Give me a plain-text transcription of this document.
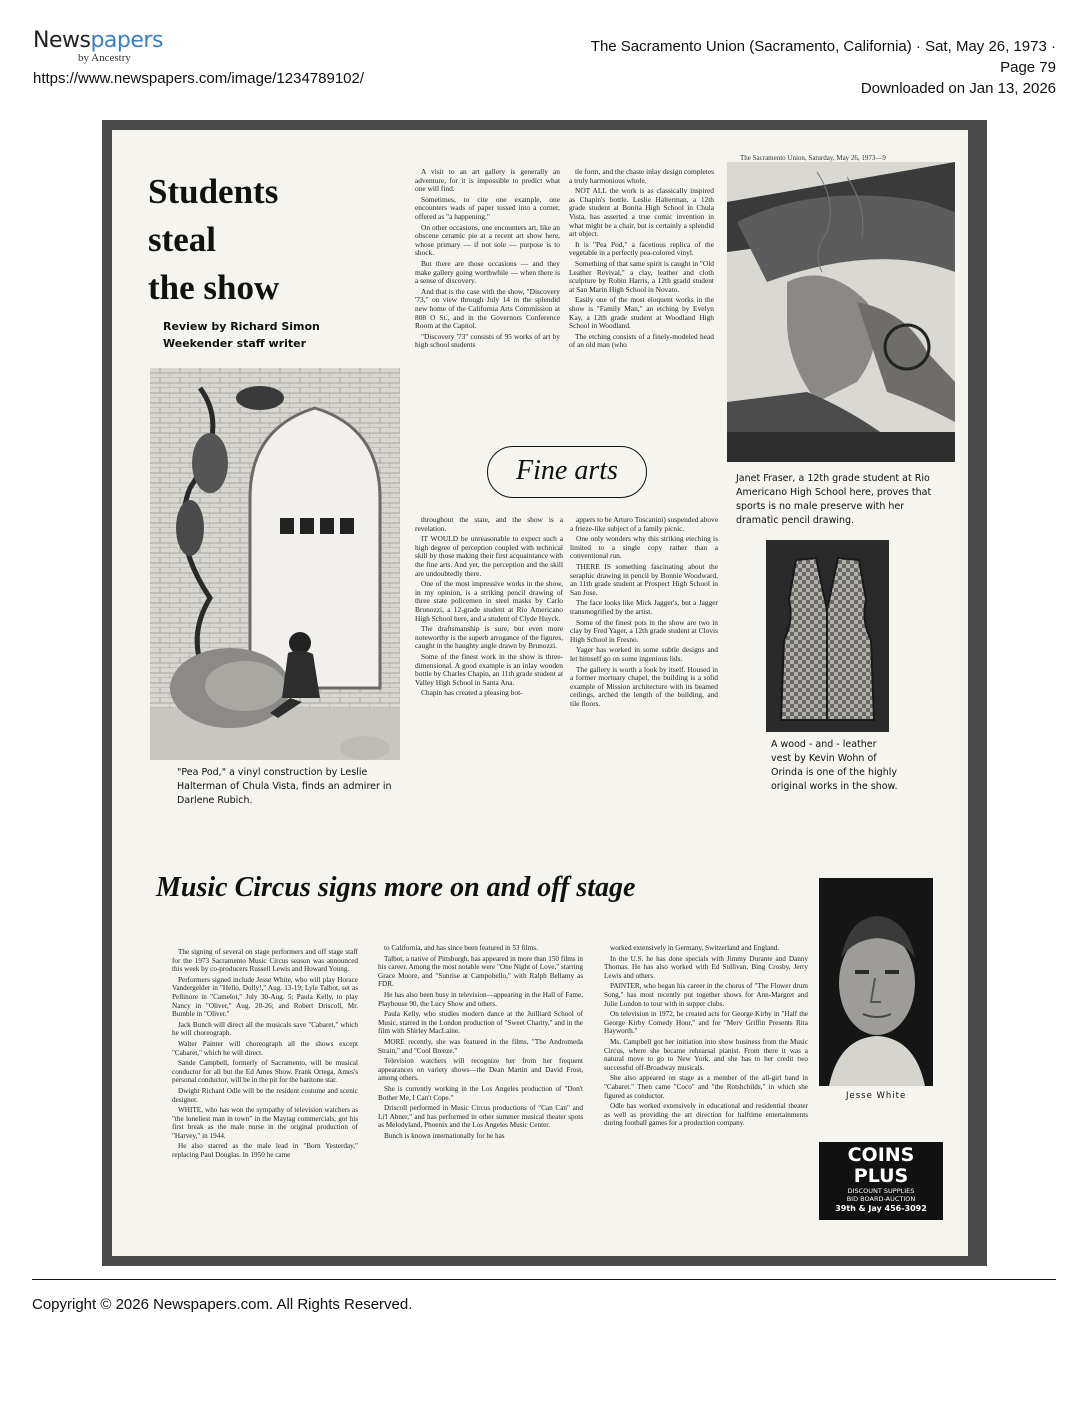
Newspapers
by Ancestry
https://www.newspapers.com/image/1234789102/
The Sacramento Union (Sacramento, California) · Sat, May 26, 1973 ·
Page 79
Downloaded on Jan 13, 2026
The Sacramento Union, Saturday, May 26, 1973—9
Students
steal
the show
Review by Richard Simon
Weekender staff writer
"Pea Pod," a vinyl construction by Leslie Halterman of Chula Vista, finds an admirer in Darlene Rubich.

A visit to an art gallery is generally an adventure, for it is impossible to predict what one will find.

Sometimes, to cite one example, one encounters wads of paper tossed into a corner, offered as "a happening."

On other occasions, one encounters art, like an obscene ceramic pie at a recent art show here, whose primary — if not sole — purpose is to shock.

But there are those occasions — and they make gallery going worthwhile — when there is a sense of discovery.

And that is the case with the show, "Discovery '73," on view through July 14 in the splendid new home of the California Arts Commission at 808 O St., and in the Governors Conference Room at the Capitol.

"Discovery '73" consists of 95 works of art by high school students

tle form, and the chaste inlay design completes a truly harmonious whole.

NOT ALL the work is as classically inspired as Chapin's bottle. Leslie Halterman, a 12th grade student at Bonita High School in Chula Vista, has asserted a true comic invention in what might be a chair, but is certainly a splendid art object.

It is "Pea Pod," a facetious replica of the vegetable in a perfectly pea-colored vinyl.

Something of that same spirit is caught in "Old Leather Revival," a clay, leather and cloth sculpture by Robin Harris, a 12th gradd student at San Marin High School in Novato.

Easily one of the most eloquent works in the show is "Family Man," an etching by Evelyn Kay, a 12th grade student at Woodland High School in Woodland.

The etching consists of a finely-modeled head of an old man (who

Fine arts

throughout the state, and the show is a revelation.

IT WOULD be unreasonable to expect such a high degree of perception coupled with technical skill by those making their first acquaintance with the fine arts. And yet, the perception and the skill are undoubtedly there.

One of the most impressive works in the show, in my opinion, is a striking pencil drawing of three state policemen in steel masks by Carlo Brunozzi, a 12-grade student at Rio Americano High School here, and a student of Clyde Huyck.

The draftsmanship is sure, but even more noteworthy is the superb arrogance of the figures, caught in the haughty angle drawn by Brunozzi.

Some of the finest work in the show is three-dimensional. A good example is an inlay wooden bottle by Charles Chapin, an 11th grade student at Valley High School in Santa Ana.

Chapin has created a pleasing bot-

appers to be Arturo Toscanini) suspended above a frieze-like subject of a family picnic.

One only wonders why this striking eteching is limited to a single copy rather than a conventional run.

THERE IS something fascinating about the seraphic drawing in pencil by Bonnie Woodward, an 11th grade student at Prospect High School in San Jose.

The face looks like Mick Jagger's, but a Jagger transmogrified by the artist.

Some of the finest pots in the show are two in clay by Fred Yager, a 12th grade student at Clovis High School in Fresno.

Yager has worked in some subtle designs and let himself go on some ingenious lids.

The gallery is worth a look by itself. Housed in a former mortuary chapel, the building is a solid example of Mission architecture with its beamed ceilings, arched the length of the building, and tile floors.

Janet Fraser, a 12th grade student at Rio Americano High School here, proves that sports is no male preserve with her dramatic pencil drawing.
A wood - and - leather vest by Kevin Wohn of Orinda is one of the highly original works in the show.
Music Circus signs more on and off stage

The signing of several on stage performers and off stage staff for the 1973 Sacramento Music Circus season was announced this week by co-producers Russell Lewis and Howard Young.

Performers signed include Jesse White, who will play Horace Vandergelder in "Hello, Dolly!," Aug. 13-19; Lyle Talbot, set as Pellinore in "Camelot," July 30-Aug. 5; Paula Kelly, to play Nancy in "Oliver," Aug. 20-26; and Robert Driscoll, Mr. Bumble in "Oliver."

Jack Bunch will direct all the musicals save "Cabaret," which he will choreograph.

Walter Painter will choreograph all the shows except "Cabaret," which he will direct.

Sande Campbell, formerly of Sacramento, will be musical conductor for all but the Ed Ames Show. Frank Ortega, Ames's personal conductor, will be in the pit for the baritone star.

Dwight Richard Odle will be the resident costume and scenic designer.

WHITE, who has won the sympathy of television watchers as "the loneliest man in town" in the Maytag commercials, got his first break as the male nurse in the original production of "Harvey," in 1944.

He also starred as the male lead in "Born Yesterday," replacing Paul Douglas. In 1950 he came

to California, and has since been featured in 53 films.

Talbot, a native of Pittsburgh, has appeared in more than 150 films in his career. Among the most notable were "One Night of Love," starring Grace Moore, and "Sunrise at Campobello," with Ralph Bellamy as FDR.

He has also been busy in television—appearing in the Hall of Fame, Playhouse 90, the Lucy Show and others.

Paula Kelly, who studies modern dance at the Juilliard School of Music, starred in the London production of "Sweet Charity," and in the film with Shirley MacLaine.

MORE recently, she was featured in the films, "The Andromeda Strain," and "Cool Breeze."

Television watchers will recognize her from her frequent appearances on variety shows—the Dean Martin and David Frost, among others.

She is currently working in the Los Angeles production of "Don't Bother Me, I Can't Cope."

Driscoll performed in Music Circus productions of "Can Can" and Li'l Abner," and has performed in other summer musical theater spots as Melodyland, Phoenix and the Los Angeles Music Center.

Bunch is known internationally for he has

worked extensively in Germany, Switzerland and England.

In the U.S. he has done specials with Jimmy Durante and Danny Thomas. He has also worked with Ed Sullivan, Bing Crosby, Jerry Lewis and others.

PAINTER, who began his career in the chorus of "The Flower drum Song," has most recently put together shows for Ann-Margret and Julie London to tour with in supper clubs.

On television in 1972, he created acts for George Kirby in "Half the George Kirby Comedy Hour," and for "Merv Griffin Presents Rita Hayworth."

Ms. Campbell got her initiation into show business from the Music Circus, where she became rehearsal pianist. From there it was a natural move to go to New York, and she has to her credit two successful off-Broadway musicals.

She also appeared on stage as a member of the all-girl band in "Cabaret." Then came "Coco" and "the Rotshchilds," in which she figured as conductor.

Odle has worked extensively in educational and residential theater as well as providing the art direction for halftime entertainments during football games for a production company.

Jesse White
COINS
PLUS
DISCOUNT SUPPLIES
BID BOARD-AUCTION
39th & Jay 456-3092
Copyright © 2026 Newspapers.com. All Rights Reserved.
